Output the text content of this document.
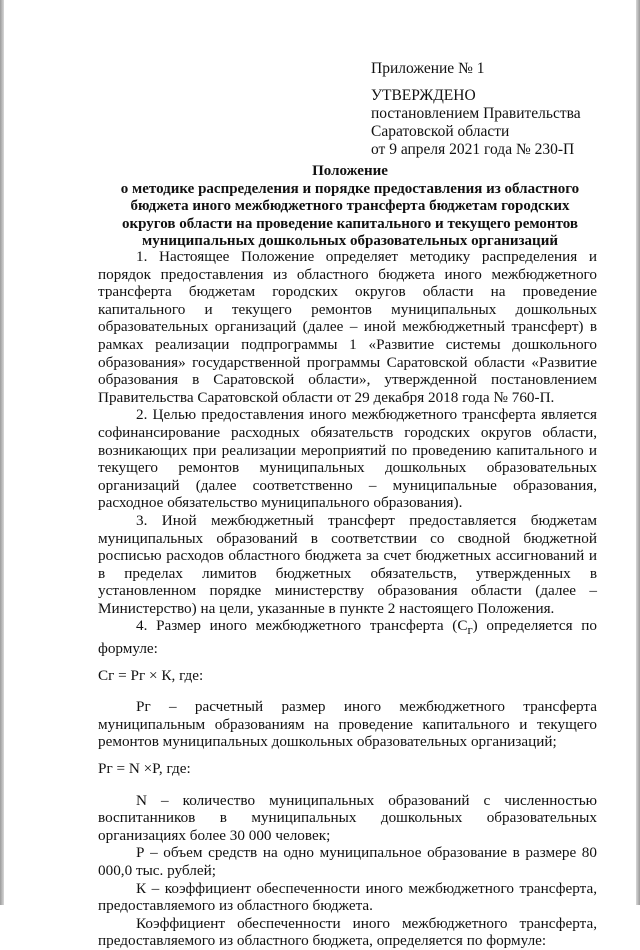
Приложение № 1
УТВЕРЖДЕНО
постановлением Правительства
Саратовской области
от 9 апреля 2021 года № 230-П
Положение
о методике распределения и порядке предоставления из областного
бюджета иного межбюджетного трансферта бюджетам городских
округов области на проведение капитального и текущего ремонтов
муниципальных дошкольных образовательных организаций

1. Настоящее Положение определяет методику распределения и порядок предоставления из областного бюджета иного межбюджетного трансферта бюджетам городских округов области на проведение капитального и текущего ремонтов муниципальных дошкольных образовательных организаций (далее – иной межбюджетный трансферт) в рамках реализации подпрограммы 1 «Развитие системы дошкольного образования» государственной программы Саратовской области «Развитие образования в Саратовской области», утвержденной постановлением Правительства Саратовской области от 29 декабря 2018 года № 760-П.

2. Целью предоставления иного межбюджетного трансферта является софинансирование расходных обязательств городских округов области, возникающих при реализации мероприятий по проведению капитального и текущего ремонтов муниципальных дошкольных образовательных организаций (далее соответственно – муниципальные образования, расходное обязательство муниципального образования).

3. Иной межбюджетный трансферт предоставляется бюджетам муниципальных образований в соответствии со сводной бюджетной росписью расходов областного бюджета за счет бюджетных ассигнований и в пределах лимитов бюджетных обязательств, утвержденных в установленном порядке министерству образования области (далее – Министерство) на цели, указанные в пункте 2 настоящего Положения.

4. Размер иного межбюджетного трансферта $(С_г)$ определяется по формуле:

Сг = Рг × К, где:

Рг – расчетный размер иного межбюджетного трансферта муниципальным образованиям на проведение капитального и текущего ремонтов муниципальных дошкольных образовательных организаций;

Рг = N ×P, где:

N – количество муниципальных образований с численностью воспитанников в муниципальных дошкольных образовательных организациях более 30 000 человек;

Р – объем средств на одно муниципальное образование в размере 80 000,0 тыс. рублей;

К – коэффициент обеспеченности иного межбюджетного трансферта, предоставляемого из областного бюджета.

Коэффициент обеспеченности иного межбюджетного трансферта, предоставляемого из областного бюджета, определяется по формуле:
